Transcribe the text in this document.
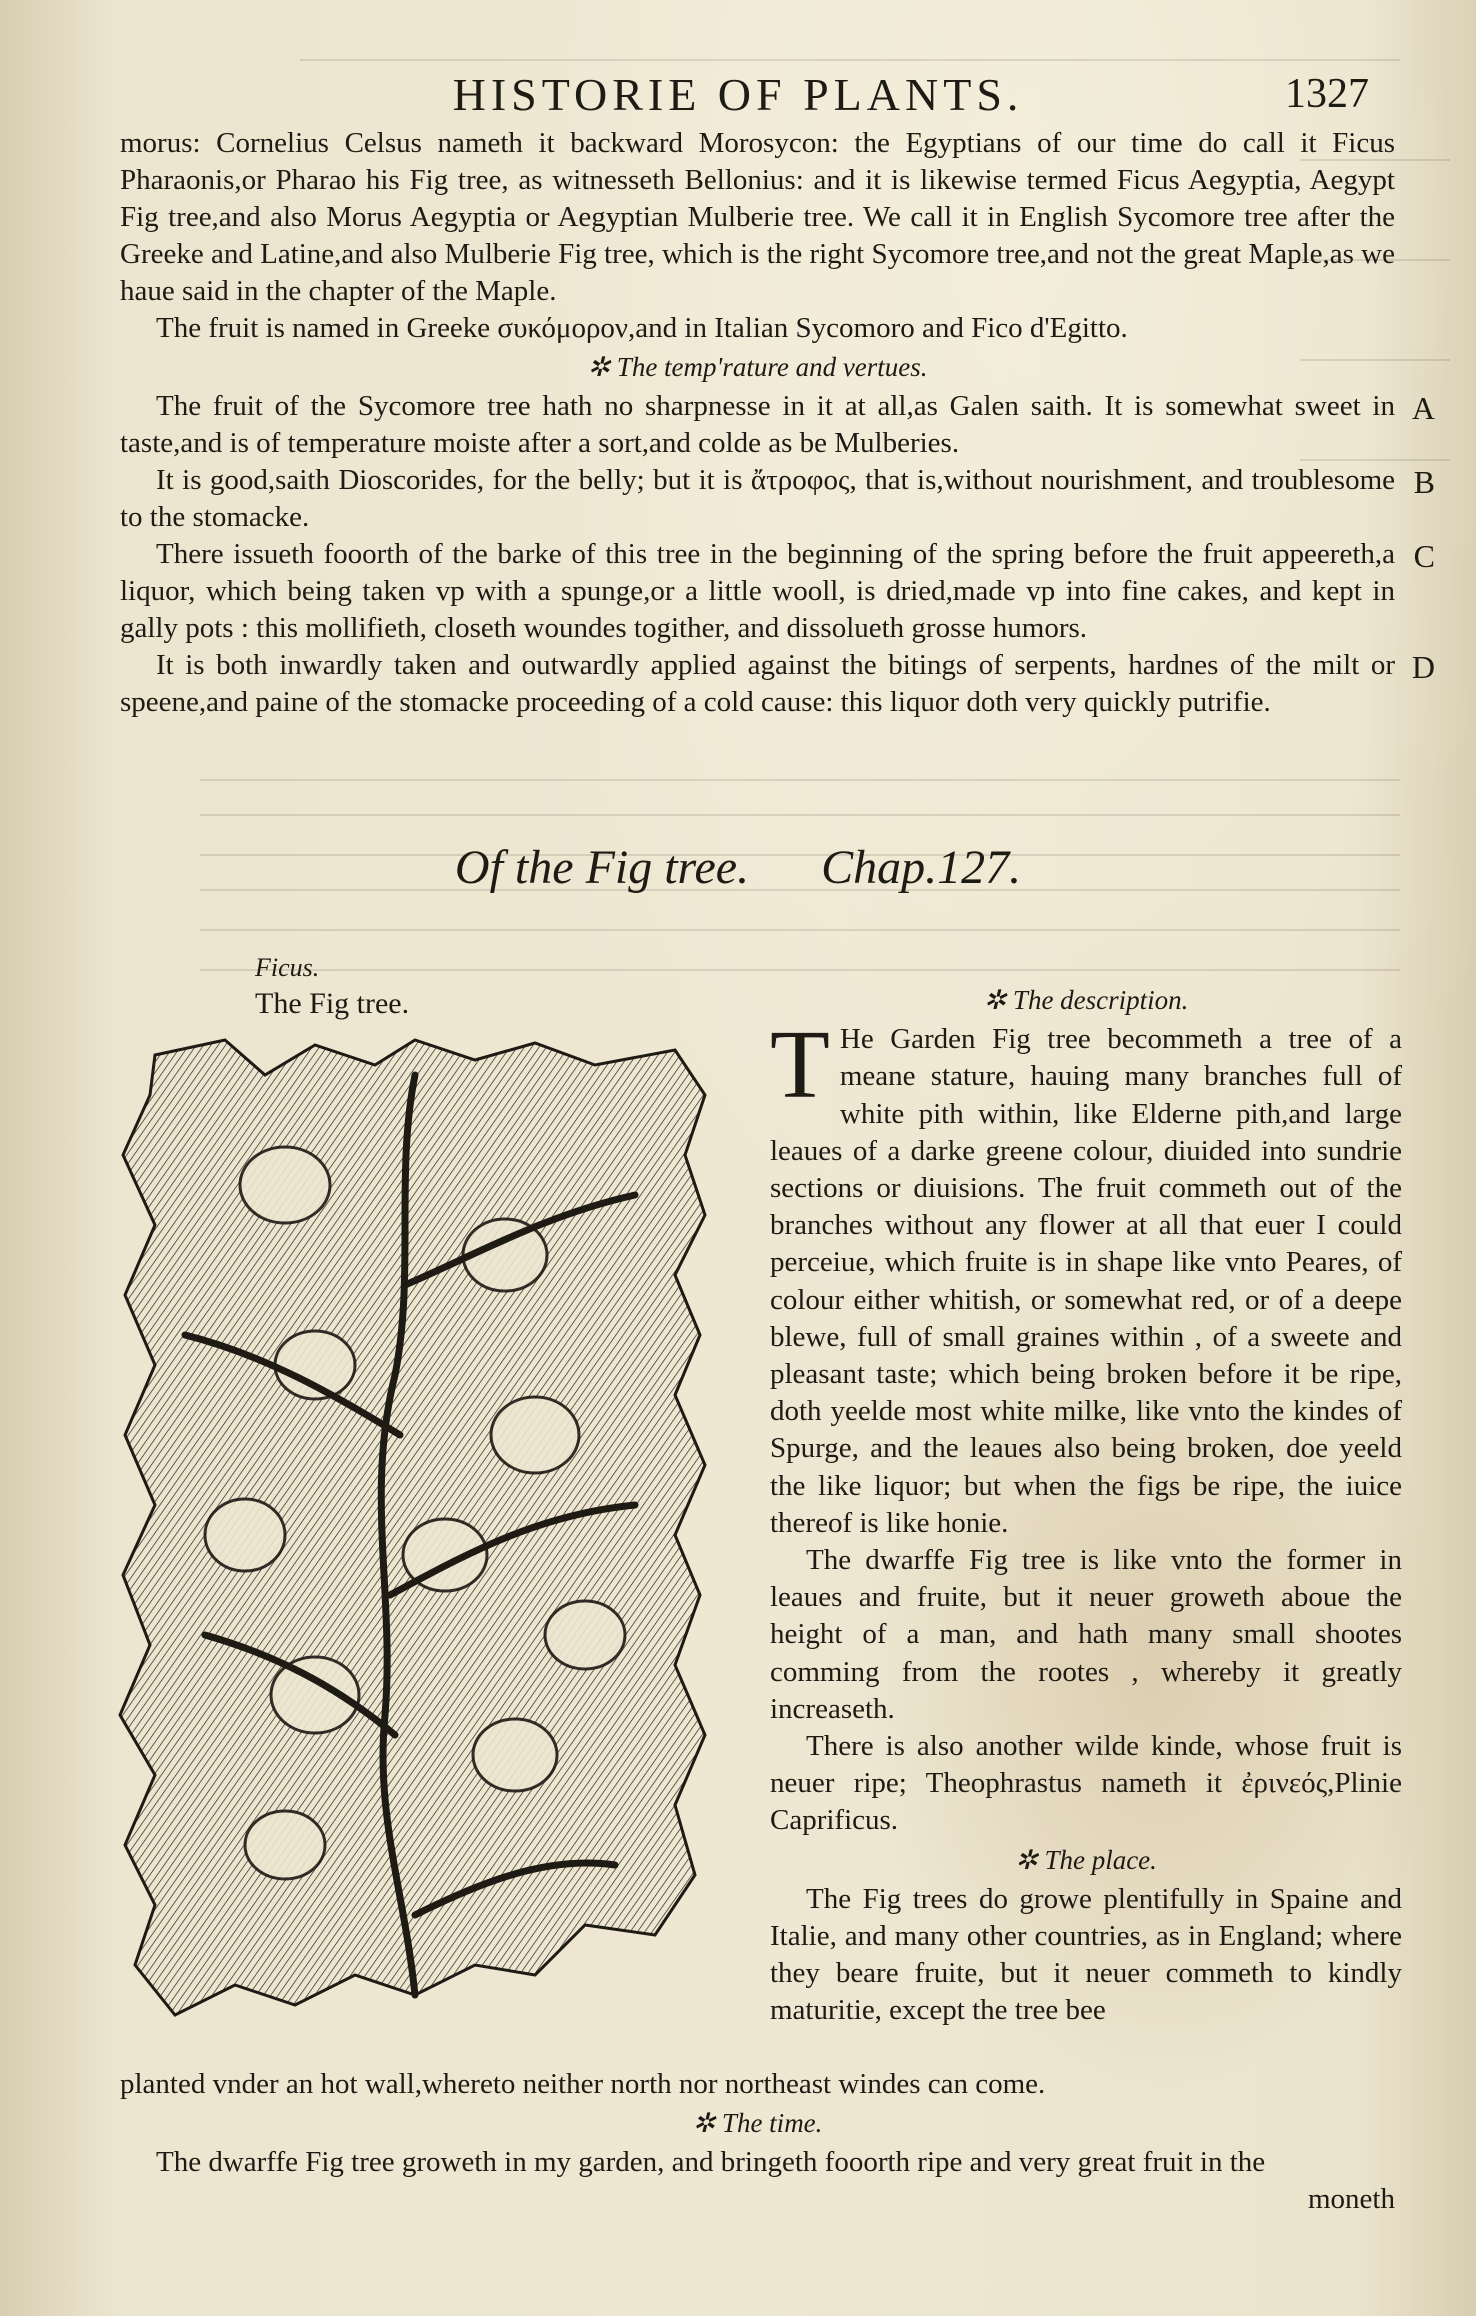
HISTORIE OF PLANTS.	1327

morus: Cornelius Celsus nameth it backward Morosycon: the Egyptians of our time do call it Ficus Pharaonis,or Pharao his Fig tree, as witnesseth Bellonius: and it is likewise termed Ficus Aegyptia, Aegypt Fig tree,and also Morus Aegyptia or Aegyptian Mulberie tree. We call it in English Sycomore tree after the Greeke and Latine,and also Mulberie Fig tree, which is the right Sycomore tree,and not the great Maple,as we haue said in the chapter of the Maple.

The fruit is named in Greeke συκόμορον,and in Italian Sycomoro and Fico d'Egitto.

✲ The temp'rature and vertues.

The fruit of the Sycomore tree hath no sharpnesse in it at all,as Galen saith. It is somewhat sweet in taste,and is of temperature moiste after a sort,and colde as be Mulberies.
A

It is good,saith Dioscorides, for the belly; but it is ἄτροφος, that is,without nourishment, and troublesome to the stomacke.
B

There issueth fooorth of the barke of this tree in the beginning of the spring before the fruit appeereth,a liquor, which being taken vp with a spunge,or a little wooll, is dried,made vp into fine cakes, and kept in gally pots : this mollifieth, closeth woundes togither, and dissolueth grosse humors.
C

It is both inwardly taken and outwardly applied against the bitings of serpents, hardnes of the milt or speene,and paine of the stomacke proceeding of a cold cause: this liquor doth very quickly putrifie.
D

Of the Fig tree. Chap.127.
Ficus.
The Fig tree.	✲ The description.

T He Garden Fig tree becommeth a tree of a meane stature, hauing many branches full of white pith within, like Elderne pith,and large leaues of a darke greene colour, diuided into sundrie sections or diuisions. The fruit commeth out of the branches without any flower at all that euer I could perceiue, which fruite is in shape like vnto Peares, of colour either whitish, or somewhat red, or of a deepe blewe, full of small graines within , of a sweete and pleasant taste; which being broken before it be ripe, doth yeelde most white milke, like vnto the kindes of Spurge, and the leaues also being broken, doe yeeld the like liquor; but when the figs be ripe, the iuice thereof is like honie.

The dwarffe Fig tree is like vnto the former in leaues and fruite, but it neuer groweth aboue the height of a man, and hath many small shootes comming from the rootes , whereby it greatly increaseth.

There is also another wilde kinde, whose fruit is neuer ripe; Theophrastus nameth it ἐρινεός,Plinie Caprificus.

✲ The place.

The Fig trees do growe plentifully in Spaine and Italie, and many other countries, as in England; where they beare fruite, but it neuer commeth to kindly maturitie, except the tree bee

planted vnder an hot wall,whereto neither north nor northeast windes can come.

✲ The time.

The dwarffe Fig tree groweth in my garden, and bringeth fooorth ripe and very great fruit in the

moneth
